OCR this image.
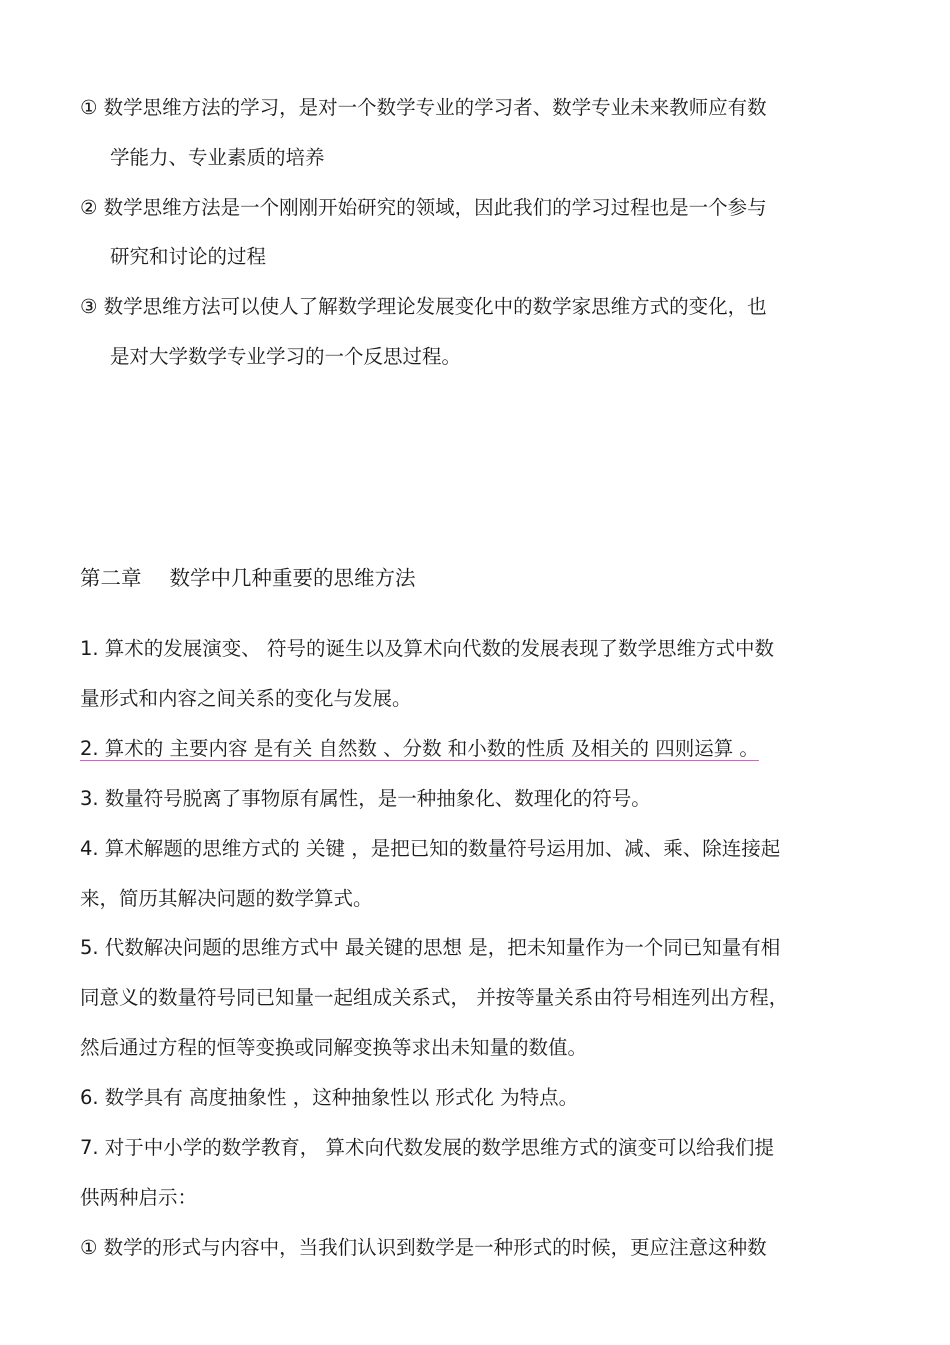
① 数学思维方法的学习，是对一个数学专业的学习者、数学专业未来教师应有数
学能力、专业素质的培养
② 数学思维方法是一个刚刚开始研究的领域，因此我们的学习过程也是一个参与
研究和讨论的过程
③ 数学思维方法可以使人了解数学理论发展变化中的数学家思维方式的变化，也
是对大学数学专业学习的一个反思过程。
第二章 数学中几种重要的思维方法
1. 算术的发展演变、 符号的诞生以及算术向代数的发展表现了数学思维方式中数
量形式和内容之间关系的变化与发展。
2. 算术的 主要内容 是有关 自然数 、分数 和小数的性质 及相关的 四则运算 。
3. 数量符号脱离了事物原有属性，是一种抽象化、数理化的符号。
4. 算术解题的思维方式的 关键 ，是把已知的数量符号运用加、减、乘、除连接起
来，简历其解决问题的数学算式。
5. 代数解决问题的思维方式中 最关键的思想 是，把未知量作为一个同已知量有相
同意义的数量符号同已知量一起组成关系式， 并按等量关系由符号相连列出方程，
然后通过方程的恒等变换或同解变换等求出未知量的数值。
6. 数学具有 高度抽象性 ，这种抽象性以 形式化 为特点。
7. 对于中小学的数学教育， 算术向代数发展的数学思维方式的演变可以给我们提
供两种启示：
① 数学的形式与内容中，当我们认识到数学是一种形式的时候，更应注意这种数
